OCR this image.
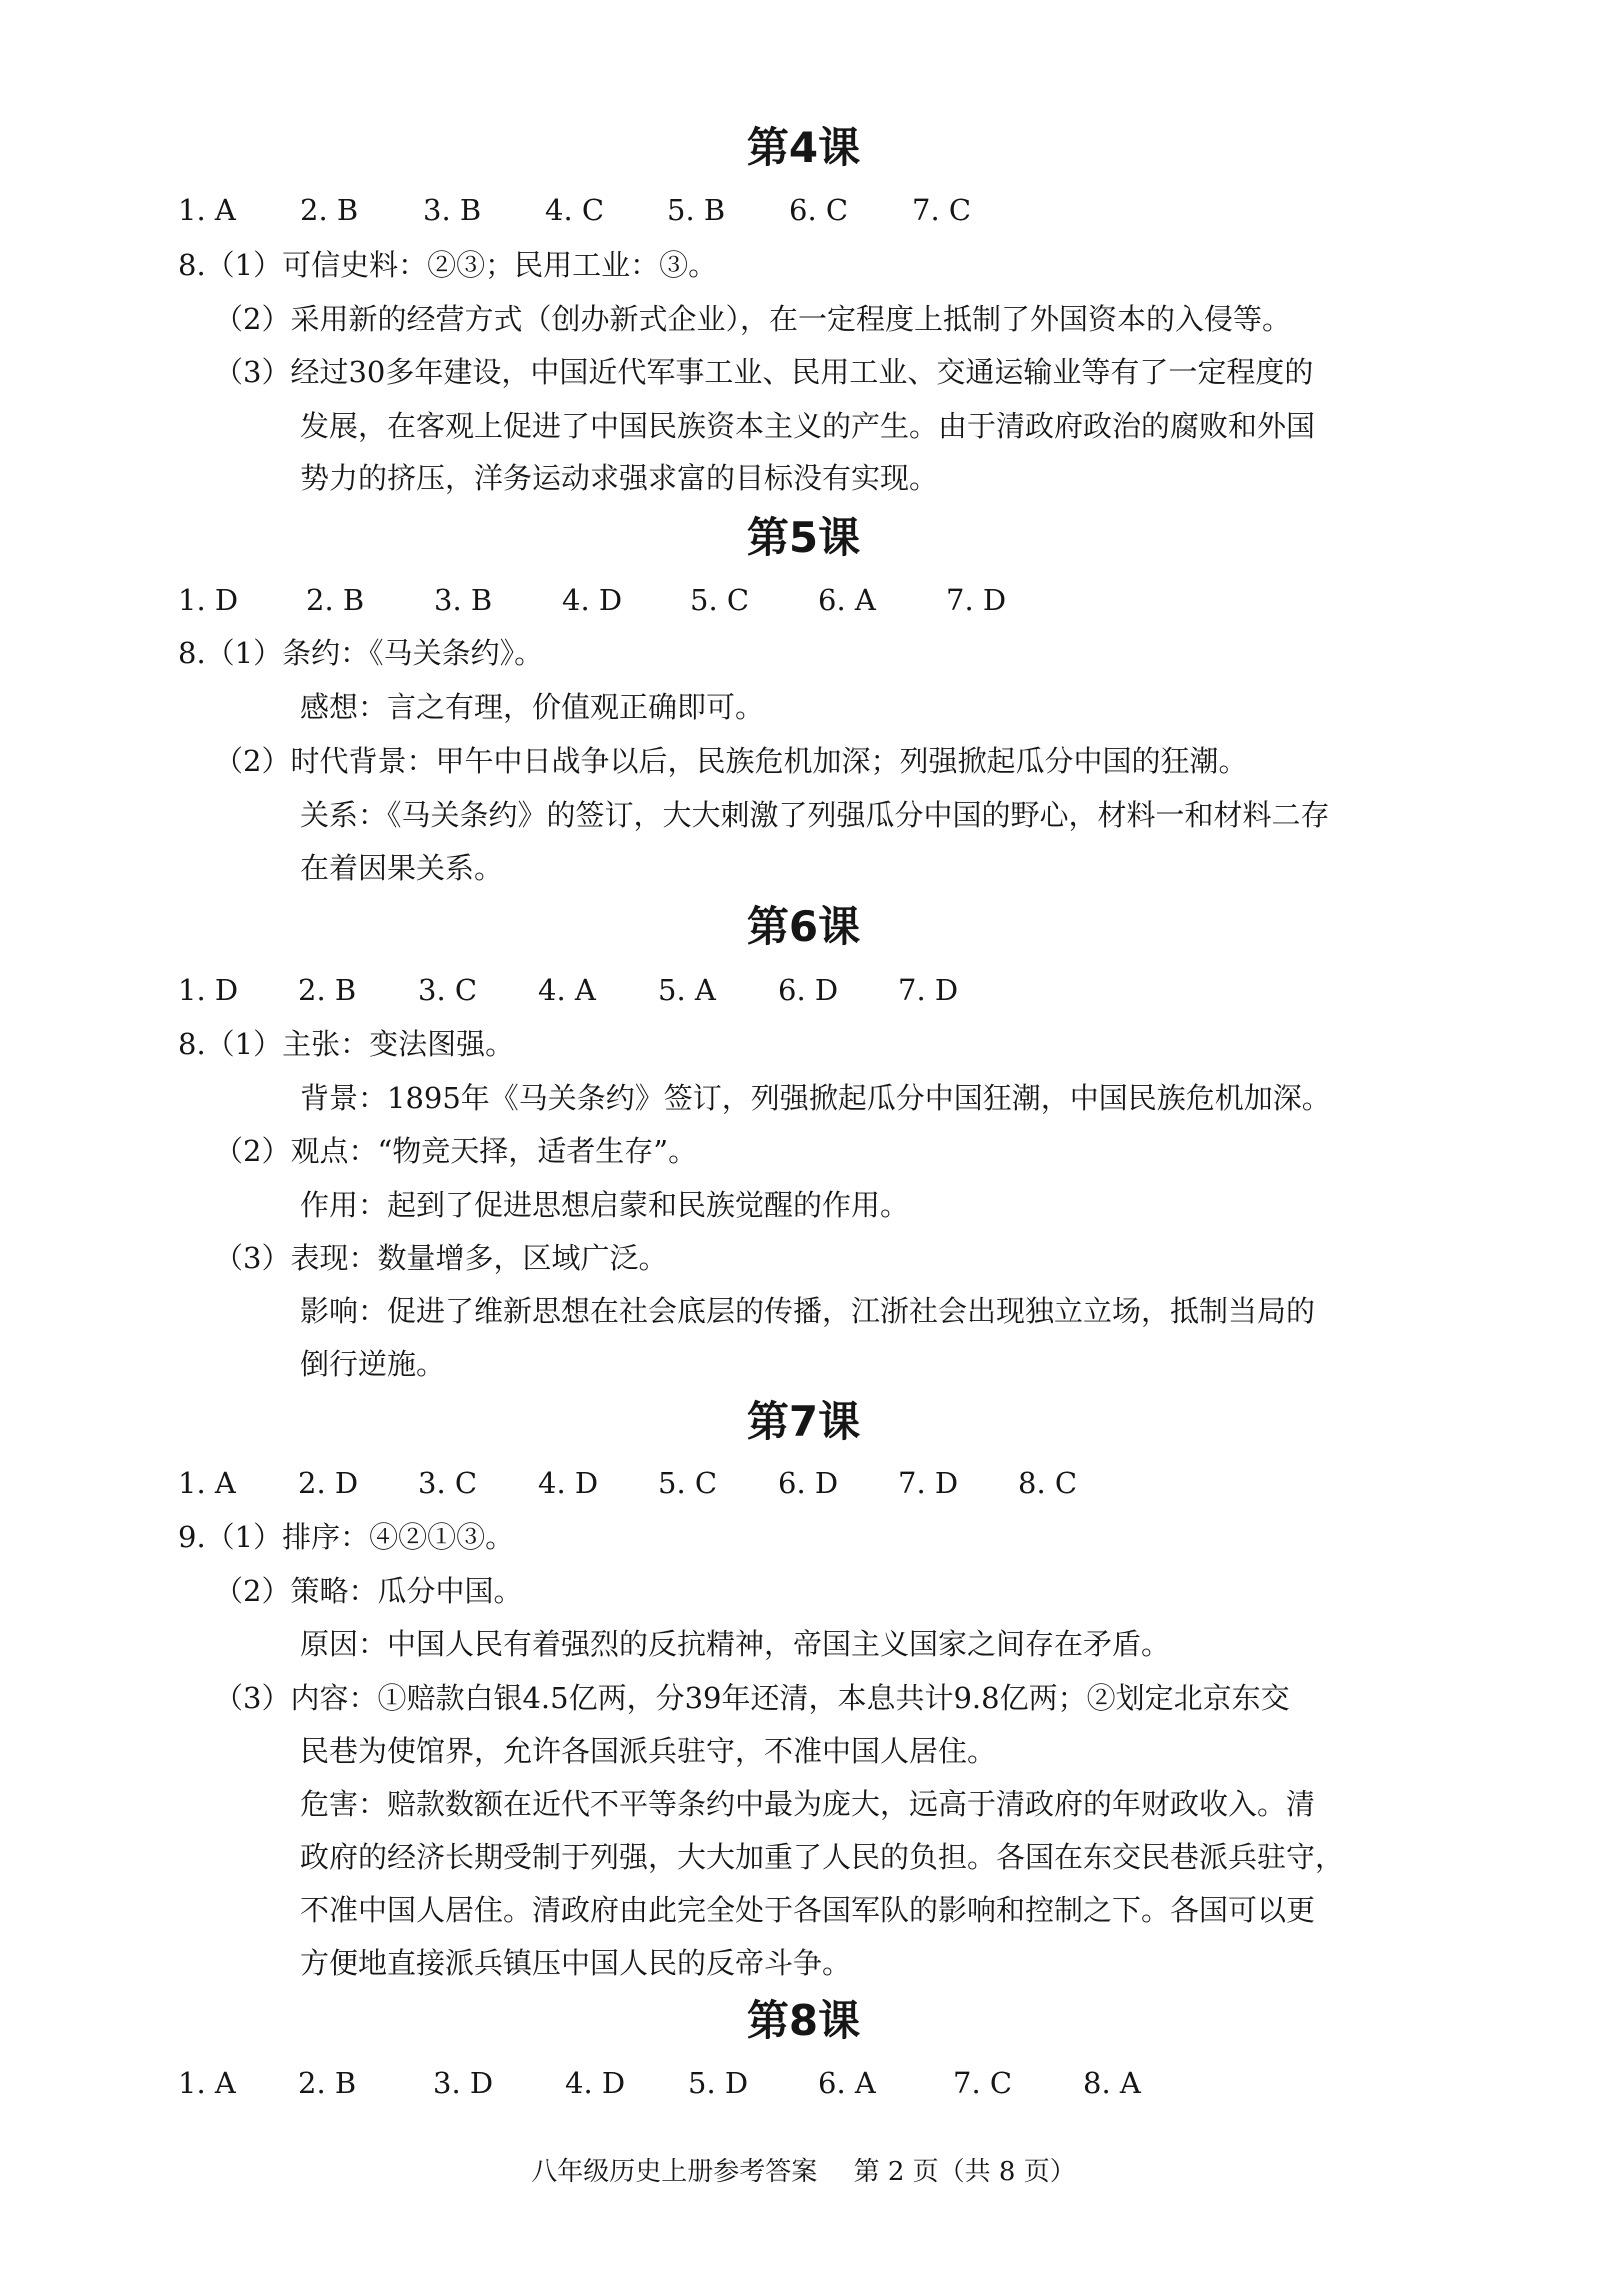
第4课
1. A 2. B 3. B 4. C 5. B 6. C 7. C
8.（1）可信史料：②③；民用工业：③。
（2）采用新的经营方式（创办新式企业），在一定程度上抵制了外国资本的入侵等。
（3）经过30多年建设，中国近代军事工业、民用工业、交通运输业等有了一定程度的
发展，在客观上促进了中国民族资本主义的产生。由于清政府政治的腐败和外国
势力的挤压，洋务运动求强求富的目标没有实现。
第5课
1. D 2. B 3. B 4. D 5. C 6. A 7. D
8.（1）条约：《马关条约》。
感想：言之有理，价值观正确即可。
（2）时代背景：甲午中日战争以后，民族危机加深；列强掀起瓜分中国的狂潮。
关系：《马关条约》的签订，大大刺激了列强瓜分中国的野心，材料一和材料二存
在着因果关系。
第6课
1. D 2. B 3. C 4. A 5. A 6. D 7. D
8.（1）主张：变法图强。
背景：1895年《马关条约》签订，列强掀起瓜分中国狂潮，中国民族危机加深。
（2）观点：“物竞天择，适者生存”。
作用：起到了促进思想启蒙和民族觉醒的作用。
（3）表现：数量增多，区域广泛。
影响：促进了维新思想在社会底层的传播，江浙社会出现独立立场，抵制当局的
倒行逆施。
第7课
1. A 2. D 3. C 4. D 5. C 6. D 7. D 8. C
9.（1）排序：④②①③。
（2）策略：瓜分中国。
原因：中国人民有着强烈的反抗精神，帝国主义国家之间存在矛盾。
（3）内容：①赔款白银4.5亿两，分39年还清，本息共计9.8亿两；②划定北京东交
民巷为使馆界，允许各国派兵驻守，不准中国人居住。
危害：赔款数额在近代不平等条约中最为庞大，远高于清政府的年财政收入。清
政府的经济长期受制于列强，大大加重了人民的负担。各国在东交民巷派兵驻守，
不准中国人居住。清政府由此完全处于各国军队的影响和控制之下。各国可以更
方便地直接派兵镇压中国人民的反帝斗争。
第8课
1. A 2. B	3. D 4. D 5. D 6. A	7. C 8. A
八年级历史上册参考答案 第 2 页（共 8 页）
